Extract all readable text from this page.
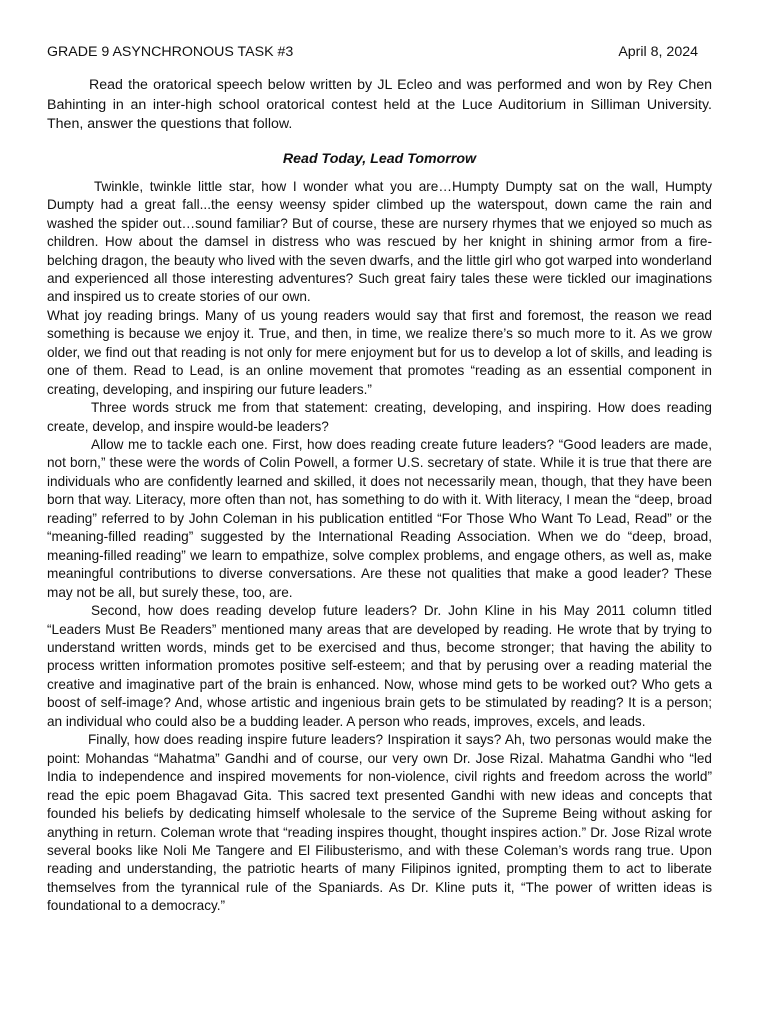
GRADE 9 ASYNCHRONOUS TASK #3	April 8, 2024

Read the oratorical speech below written by JL Ecleo and was performed and won by Rey Chen Bahinting in an inter-high school oratorical contest held at the Luce Auditorium in Silliman University. Then, answer the questions that follow.

Read Today, Lead Tomorrow

Twinkle, twinkle little star, how I wonder what you are…Humpty Dumpty sat on the wall, Humpty Dumpty had a great fall...the eensy weensy spider climbed up the waterspout, down came the rain and washed the spider out…sound familiar? But of course, these are nursery rhymes that we enjoyed so much as children. How about the damsel in distress who was rescued by her knight in shining armor from a fire-belching dragon, the beauty who lived with the seven dwarfs, and the little girl who got warped into wonderland and experienced all those interesting adventures? Such great fairy tales these were tickled our imaginations and inspired us to create stories of our own.

What joy reading brings. Many of us young readers would say that first and foremost, the reason we read something is because we enjoy it. True, and then, in time, we realize there’s so much more to it. As we grow older, we find out that reading is not only for mere enjoyment but for us to develop a lot of skills, and leading is one of them. Read to Lead, is an online movement that promotes “reading as an essential component in creating, developing, and inspiring our future leaders.”

Three words struck me from that statement: creating, developing, and inspiring. How does reading create, develop, and inspire would-be leaders?

Allow me to tackle each one. First, how does reading create future leaders? “Good leaders are made, not born,” these were the words of Colin Powell, a former U.S. secretary of state. While it is true that there are individuals who are confidently learned and skilled, it does not necessarily mean, though, that they have been born that way. Literacy, more often than not, has something to do with it. With literacy, I mean the “deep, broad reading” referred to by John Coleman in his publication entitled “For Those Who Want To Lead, Read” or the “meaning-filled reading” suggested by the International Reading Association. When we do “deep, broad, meaning-filled reading” we learn to empathize, solve complex problems, and engage others, as well as, make meaningful contributions to diverse conversations. Are these not qualities that make a good leader? These may not be all, but surely these, too, are.

Second, how does reading develop future leaders? Dr. John Kline in his May 2011 column titled “Leaders Must Be Readers” mentioned many areas that are developed by reading. He wrote that by trying to understand written words, minds get to be exercised and thus, become stronger; that having the ability to process written information promotes positive self-esteem; and that by perusing over a reading material the creative and imaginative part of the brain is enhanced. Now, whose mind gets to be worked out? Who gets a boost of self-image? And, whose artistic and ingenious brain gets to be stimulated by reading? It is a person; an individual who could also be a budding leader. A person who reads, improves, excels, and leads.

Finally, how does reading inspire future leaders? Inspiration it says? Ah, two personas would make the point: Mohandas “Mahatma” Gandhi and of course, our very own Dr. Jose Rizal. Mahatma Gandhi who “led India to independence and inspired movements for non-violence, civil rights and freedom across the world” read the epic poem Bhagavad Gita. This sacred text presented Gandhi with new ideas and concepts that founded his beliefs by dedicating himself wholesale to the service of the Supreme Being without asking for anything in return. Coleman wrote that “reading inspires thought, thought inspires action.” Dr. Jose Rizal wrote several books like Noli Me Tangere and El Filibusterismo, and with these Coleman’s words rang true. Upon reading and understanding, the patriotic hearts of many Filipinos ignited, prompting them to act to liberate themselves from the tyrannical rule of the Spaniards. As Dr. Kline puts it, “The power of written ideas is foundational to a democracy.”
